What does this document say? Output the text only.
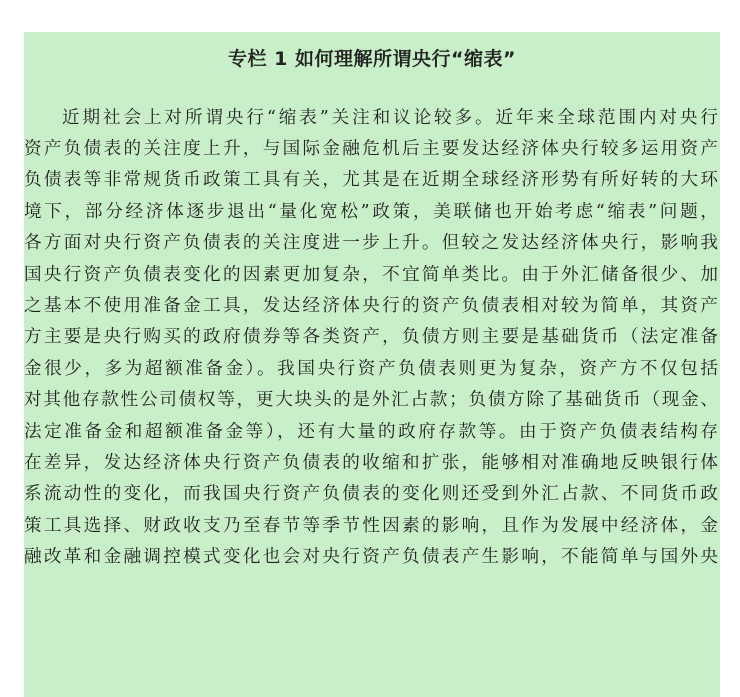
专栏 1 如何理解所谓央行“缩表”
近期社会上对所谓央行“缩表”关注和议论较多。近年来全球范围内对央行
资产负债表的关注度上升，与国际金融危机后主要发达经济体央行较多运用资产
负债表等非常规货币政策工具有关，尤其是在近期全球经济形势有所好转的大环
境下，部分经济体逐步退出“量化宽松”政策，美联储也开始考虑“缩表”问题，
各方面对央行资产负债表的关注度进一步上升。但较之发达经济体央行，影响我
国央行资产负债表变化的因素更加复杂，不宜简单类比。由于外汇储备很少、加
之基本不使用准备金工具，发达经济体央行的资产负债表相对较为简单，其资产
方主要是央行购买的政府债券等各类资产，负债方则主要是基础货币（法定准备
金很少，多为超额准备金）。我国央行资产负债表则更为复杂，资产方不仅包括
对其他存款性公司债权等，更大块头的是外汇占款；负债方除了基础货币（现金、
法定准备金和超额准备金等），还有大量的政府存款等。由于资产负债表结构存
在差异，发达经济体央行资产负债表的收缩和扩张，能够相对准确地反映银行体
系流动性的变化，而我国央行资产负债表的变化则还受到外汇占款、不同货币政
策工具选择、财政收支乃至春节等季节性因素的影响，且作为发展中经济体，金
融改革和金融调控模式变化也会对央行资产负债表产生影响，不能简单与国外央
